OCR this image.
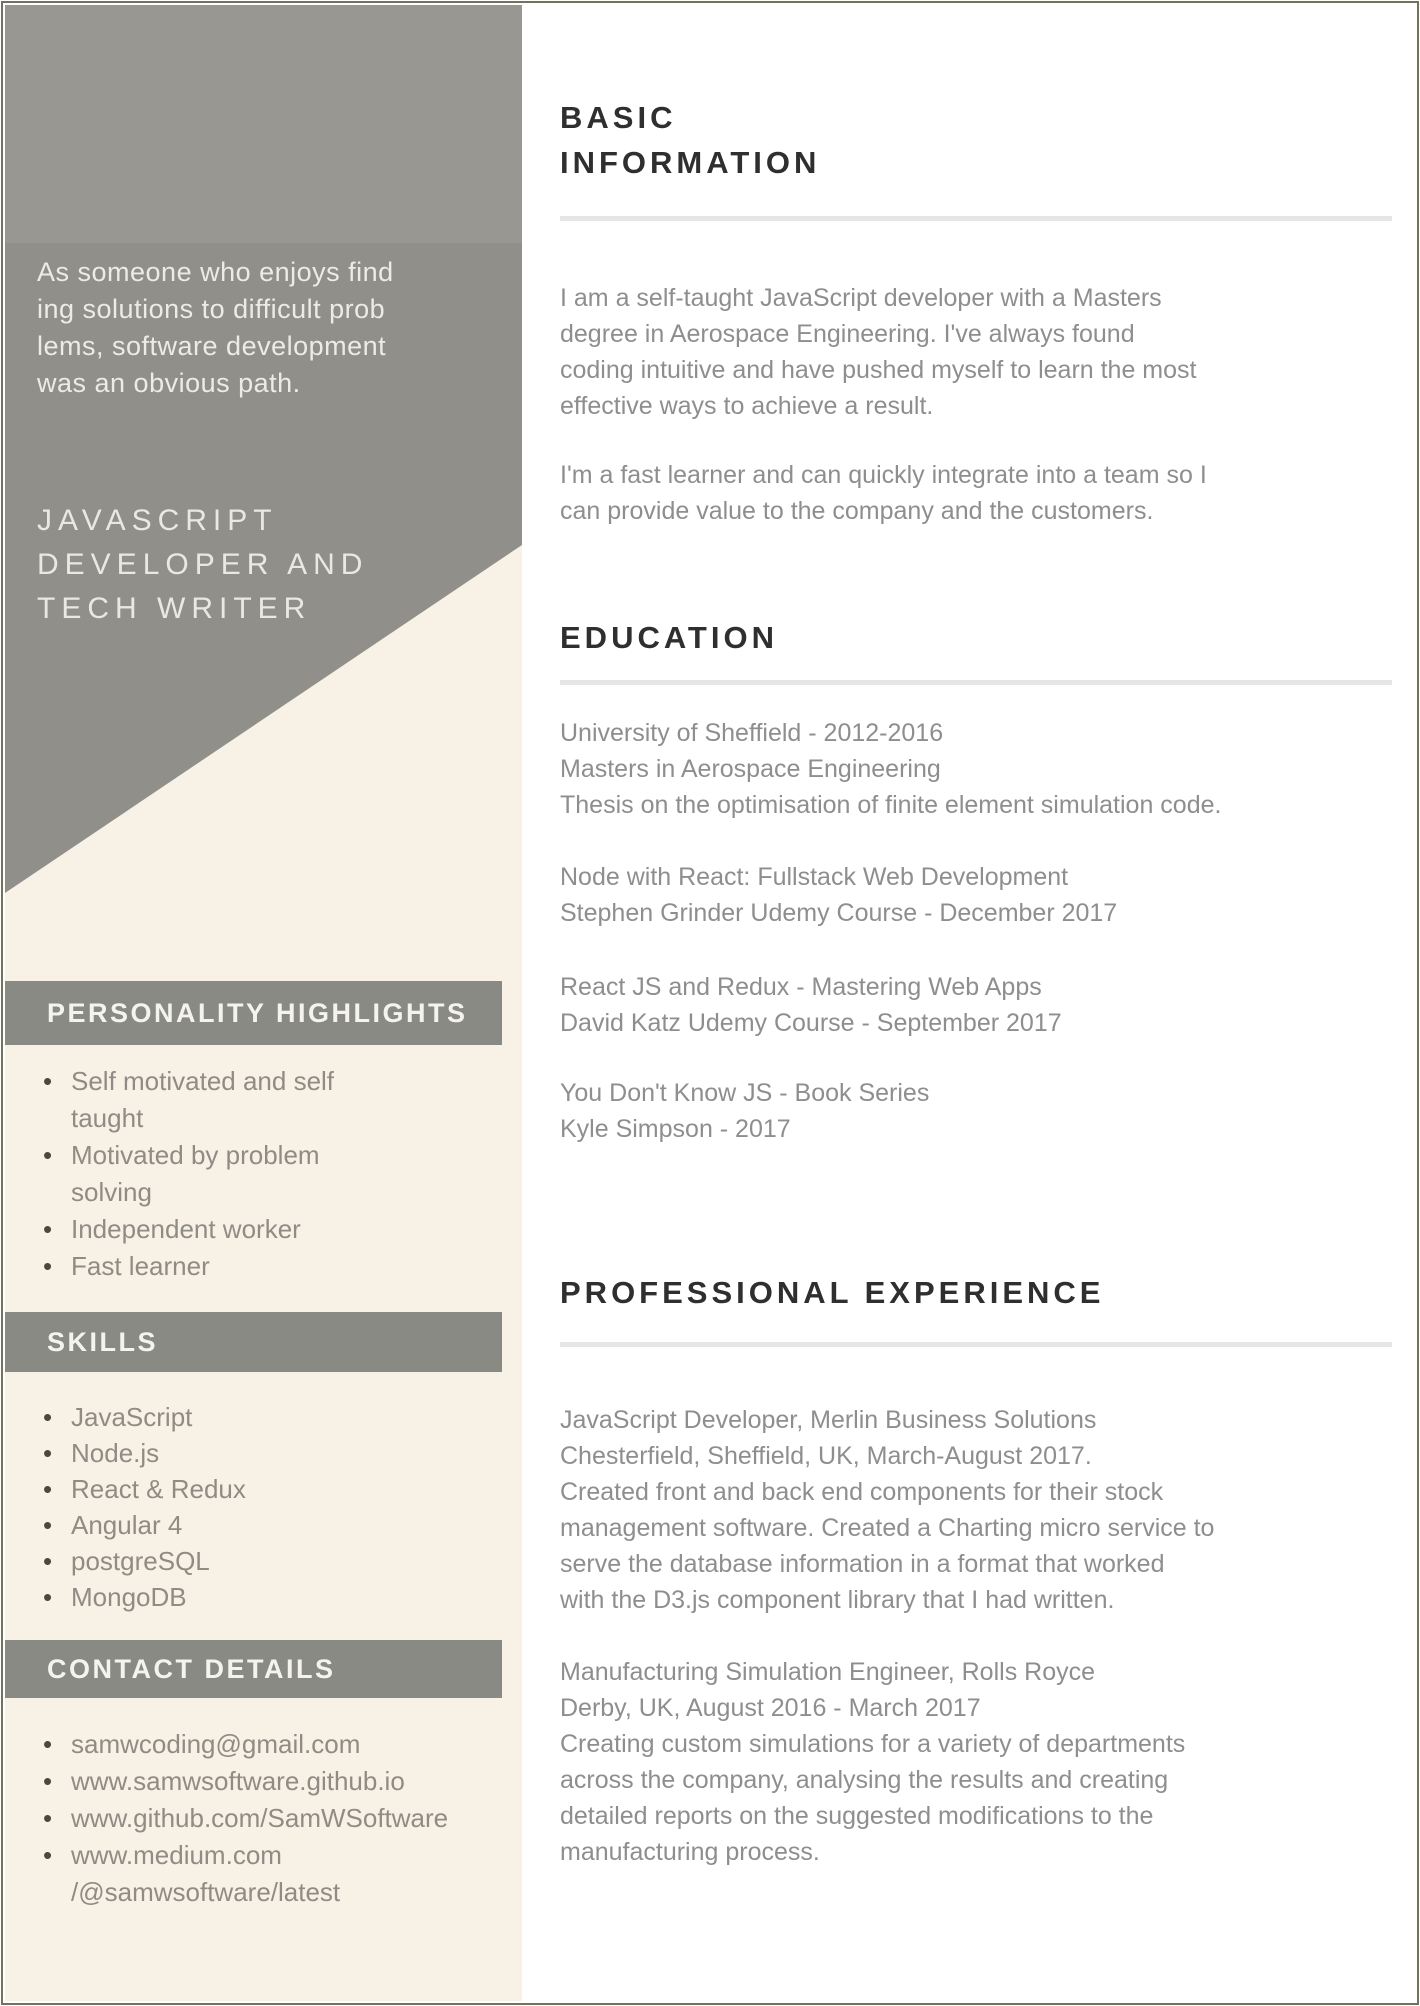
As someone who enjoys find
ing solutions to difficult prob
lems, software development
was an obvious path.
JAVASCRIPT
DEVELOPER AND
TECH WRITER
PERSONALITY HIGHLIGHTS
• Self motivated and self taught
• Motivated by problem solving
• Independent worker
• Fast learner
SKILLS
• JavaScript
• Node.js
• React & Redux
• Angular 4
• postgreSQL
• MongoDB
CONTACT DETAILS
• samwcoding@gmail.com
• www.samwsoftware.github.io
• www.github.com/SamWSoftware
• www.medium.com /@samwsoftware/latest
BASIC
INFORMATION
I am a self-taught JavaScript developer with a Masters
degree in Aerospace Engineering. I've always found
coding intuitive and have pushed myself to learn the most
effective ways to achieve a result.
I'm a fast learner and can quickly integrate into a team so I
can provide value to the company and the customers.
EDUCATION
University of Sheffield - 2012-2016
Masters in Aerospace Engineering
Thesis on the optimisation of finite element simulation code.
Node with React: Fullstack Web Development
Stephen Grinder Udemy Course - December 2017
React JS and Redux - Mastering Web Apps
David Katz Udemy Course - September 2017
You Don't Know JS - Book Series
Kyle Simpson - 2017
PROFESSIONAL EXPERIENCE
JavaScript Developer, Merlin Business Solutions
Chesterfield, Sheffield, UK, March-August 2017.
Created front and back end components for their stock
management software. Created a Charting micro service to
serve the database information in a format that worked
with the D3.js component library that I had written.
Manufacturing Simulation Engineer, Rolls Royce
Derby, UK, August 2016 - March 2017
Creating custom simulations for a variety of departments
across the company, analysing the results and creating
detailed reports on the suggested modifications to the
manufacturing process.
